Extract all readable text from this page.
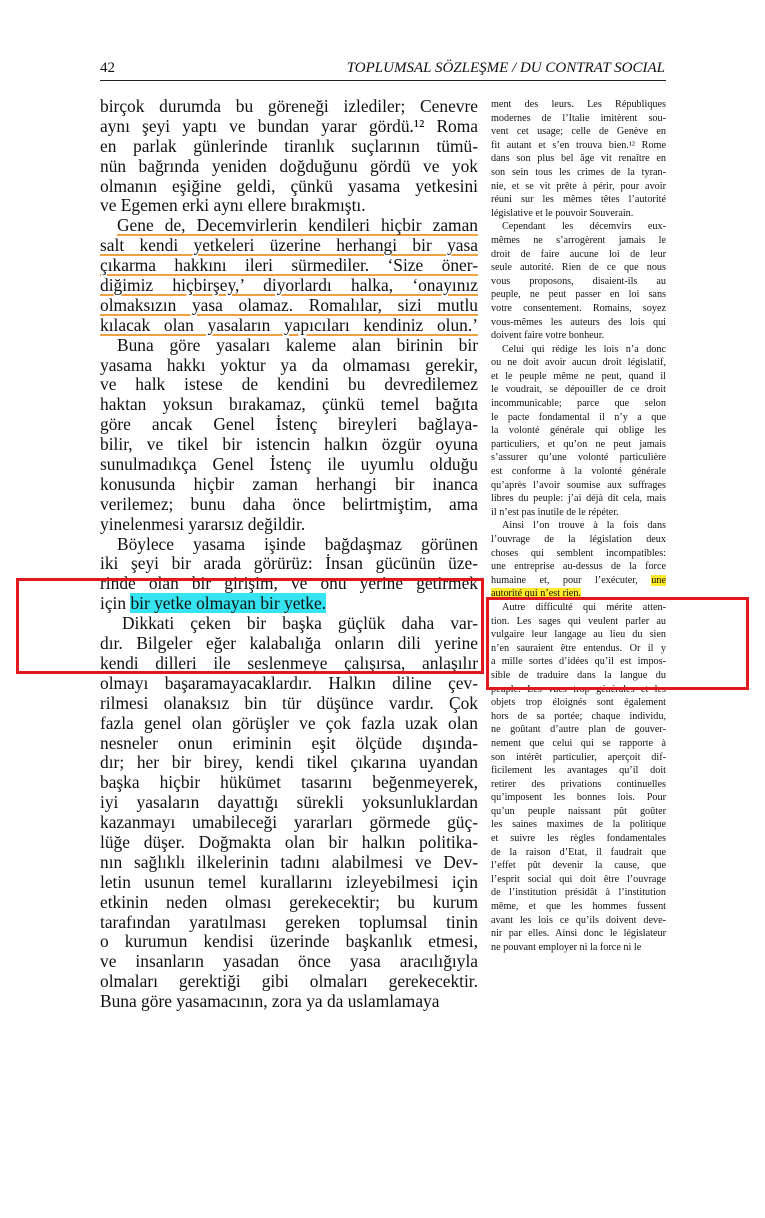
42	TOPLUMSAL SÖZLEŞME / DU CONTRAT SOCIAL
birçok durumda bu göreneği izlediler; Cenevre
aynı şeyi yaptı ve bundan yarar gördü.¹² Roma
en parlak günlerinde tiranlık suçlarının tümü-
nün bağrında yeniden doğduğunu gördü ve yok
olmanın eşiğine geldi, çünkü yasama yetkesini
ve Egemen erki aynı ellere bırakmıştı.
Gene de, Decemvirlerin kendileri hiçbir zaman
salt kendi yetkeleri üzerine herhangi bir yasa
çıkarma hakkını ileri sürmediler. ‘Size öner-
diğimiz hiçbirşey,’ diyorlardı halka, ‘onayınız
olmaksızın yasa olamaz. Romalılar, sizi mutlu
kılacak olan yasaların yapıcıları kendiniz olun.’
Buna göre yasaları kaleme alan birinin bir
yasama hakkı yoktur ya da olmaması gerekir,
ve halk istese de kendini bu devredilemez
haktan yoksun bırakamaz, çünkü temel bağıta
göre ancak Genel İstenç bireyleri bağlaya-
bilir, ve tikel bir istencin halkın özgür oyuna
sunulmadıkça Genel İstenç ile uyumlu olduğu
konusunda hiçbir zaman herhangi bir inanca
verilemez; bunu daha önce belirtmiştim, ama
yinelenmesi yararsız değildir.
Böylece yasama işinde bağdaşmaz görünen
iki şeyi bir arada görürüz: İnsan gücünün üze-
rinde olan bir girişim, ve onu yerine getirmek
için bir yetke olmayan bir yetke.
Dikkati çeken bir başka güçlük daha var-
dır. Bilgeler eğer kalabalığa onların dili yerine
kendi dilleri ile seslenmeye çalışırsa, anlaşılır
olmayı başaramayacaklardır. Halkın diline çev-
rilmesi olanaksız bin tür düşünce vardır. Çok
fazla genel olan görüşler ve çok fazla uzak olan
nesneler onun eriminin eşit ölçüde dışında-
dır; her bir birey, kendi tikel çıkarına uyandan
başka hiçbir hükümet tasarını beğenmeyerek,
iyi yasaların dayattığı sürekli yoksunluklardan
kazanmayı umabileceği yararları görmede güç-
lüğe düşer. Doğmakta olan bir halkın politika-
nın sağlıklı ilkelerinin tadını alabilmesi ve Dev-
letin usunun temel kurallarını izleyebilmesi için
etkinin neden olması gerekecektir; bu kurum
tarafından yaratılması gereken toplumsal tinin
o kurumun kendisi üzerinde başkanlık etmesi,
ve insanların yasadan önce yasa aracılığıyla
olmaları gerektiği gibi olmaları gerekecektir.
Buna göre yasamacının, zora ya da uslamlamaya
ment des leurs. Les Républiques
modernes de l’Italie imitèrent sou-
vent cet usage; celle de Genève en
fit autant et s’en trouva bien.¹² Rome
dans son plus bel âge vit renaître en
son sein tous les crimes de la tyran-
nie, et se vit prête à périr, pour avoir
réuni sur les mêmes têtes l’autorité
législative et le pouvoir Souverain.
Cependant les décemvirs eux-
mêmes ne s’arrogèrent jamais le
droit de faire aucune loi de leur
seule autorité. Rien de ce que nous
vous proposons, disaient-ils au
peuple, ne peut passer en loi sans
votre consentement. Romains, soyez
vous-mêmes les auteurs des lois qui
doivent faire votre bonheur.
Celui qui rédige les lois n’a donc
ou ne doit avoir aucun droit législatif,
et le peuple même ne peut, quand il
le voudrait, se dépouiller de ce droit
incommunicable; parce que selon
le pacte fondamental il n’y a que
la volonté générale qui oblige les
particuliers, et qu’on ne peut jamais
s’assurer qu’une volonté particulière
est conforme à la volonté générale
qu’après l’avoir soumise aux suffrages
libres du peuple: j’ai déjà dit cela, mais
il n’est pas inutile de le répéter.
Ainsi l’on trouve à la fois dans
l’ouvrage de la législation deux
choses qui semblent incompatibles:
une entreprise au-dessus de la force
humaine et, pour l’exécuter, une
autorité qui n’est rien.
Autre difficulté qui mérite atten-
tion. Les sages qui veulent parler au
vulgaire leur langage au lieu du sien
n’en sauraient être entendus. Or il y
a mille sortes d’idées qu’il est impos-
sible de traduire dans la langue du
peuple. Les vues trop générales et les
objets trop éloignés sont également
hors de sa portée; chaque individu,
ne goûtant d’autre plan de gouver-
nement que celui qui se rapporte à
son intérêt particulier, aperçoit dif-
ficilement les avantages qu’il doit
retirer des privations continuelles
qu’imposent les bonnes lois. Pour
qu’un peuple naissant pût goûter
les saines maximes de la politique
et suivre les règles fondamentales
de la raison d’Etat, il faudrait que
l’effet pût devenir la cause, que
l’esprit social qui doit être l’ouvrage
de l’institution présidât à l’institution
même, et que les hommes fussent
avant les lois ce qu’ils doivent deve-
nir par elles. Ainsi donc le législateur
ne pouvant employer ni la force ni le
